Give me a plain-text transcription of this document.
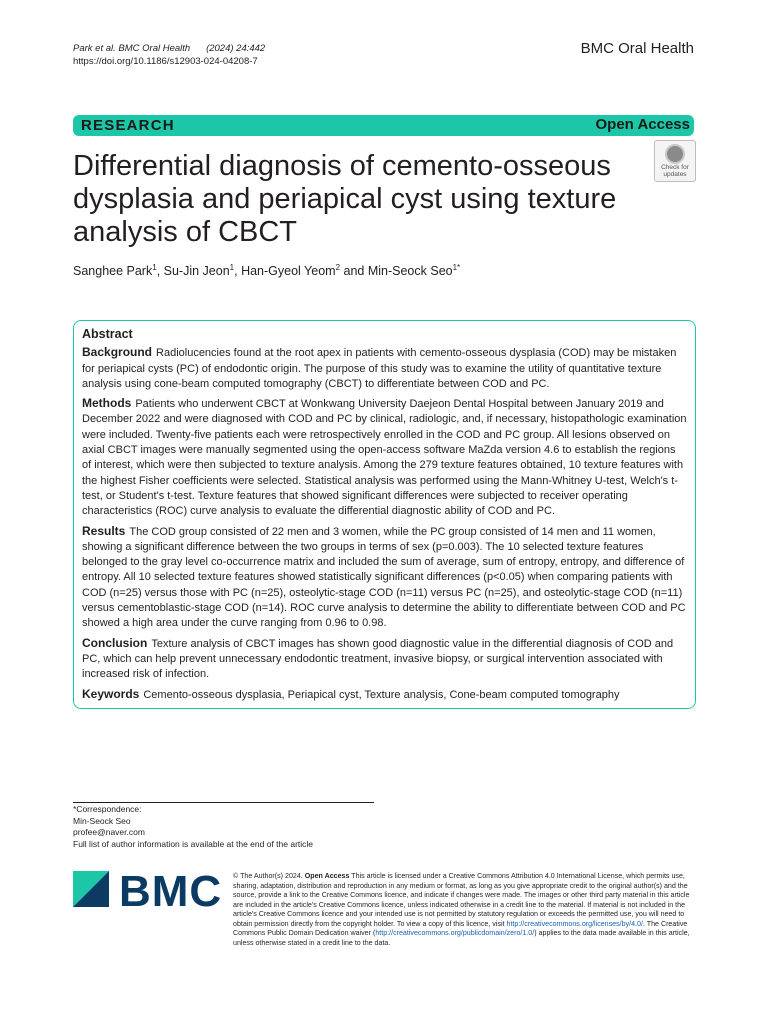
Park et al. BMC Oral Health (2024) 24:442
https://doi.org/10.1186/s12903-024-04208-7
BMC Oral Health
RESEARCH	Open Access
Differential diagnosis of cemento-osseous dysplasia and periapical cyst using texture analysis of CBCT
Check for
updates
Sanghee Park$^1$, Su-Jin Jeon$^1$, Han-Gyeol Yeom$^2$ and Min-Seock Seo$^{1*}$
Abstract

Background Radiolucencies found at the root apex in patients with cemento-osseous dysplasia (COD) may be mistaken for periapical cysts (PC) of endodontic origin. The purpose of this study was to examine the utility of quantitative texture analysis using cone-beam computed tomography (CBCT) to differentiate between COD and PC.

Methods Patients who underwent CBCT at Wonkwang University Daejeon Dental Hospital between January 2019 and December 2022 and were diagnosed with COD and PC by clinical, radiologic, and, if necessary, histopathologic examination were included. Twenty-five patients each were retrospectively enrolled in the COD and PC group. All lesions observed on axial CBCT images were manually segmented using the open-access software MaZda version 4.6 to establish the regions of interest, which were then subjected to texture analysis. Among the 279 texture features obtained, 10 texture features with the highest Fisher coefficients were selected. Statistical analysis was performed using the Mann-Whitney U-test, Welch's t-test, or Student's t-test. Texture features that showed significant differences were subjected to receiver operating characteristics (ROC) curve analysis to evaluate the differential diagnostic ability of COD and PC.

Results The COD group consisted of 22 men and 3 women, while the PC group consisted of 14 men and 11 women, showing a significant difference between the two groups in terms of sex (p=0.003). The 10 selected texture features belonged to the gray level co-occurrence matrix and included the sum of average, sum of entropy, entropy, and difference of entropy. All 10 selected texture features showed statistically significant differences (p<0.05) when comparing patients with COD (n=25) versus those with PC (n=25), osteolytic-stage COD (n=11) versus PC (n=25), and osteolytic-stage COD (n=11) versus cementoblastic-stage COD (n=14). ROC curve analysis to determine the ability to differentiate between COD and PC showed a high area under the curve ranging from 0.96 to 0.98.

Conclusion Texture analysis of CBCT images has shown good diagnostic value in the differential diagnosis of COD and PC, which can help prevent unnecessary endodontic treatment, invasive biopsy, or surgical intervention associated with increased risk of infection.

Keywords Cemento-osseous dysplasia, Periapical cyst, Texture analysis, Cone-beam computed tomography

*Correspondence:
Min-Seock Seo
profee@naver.com
Full list of author information is available at the end of the article
BMC © The Author(s) 2024. Open Access This article is licensed under a Creative Commons Attribution 4.0 International License, which permits use, sharing, adaptation, distribution and reproduction in any medium or format, as long as you give appropriate credit to the original author(s) and the source, provide a link to the Creative Commons licence, and indicate if changes were made. The images or other third party material in this article are included in the article's Creative Commons licence, unless indicated otherwise in a credit line to the material. If material is not included in the article's Creative Commons licence and your intended use is not permitted by statutory regulation or exceeds the permitted use, you will need to obtain permission directly from the copyright holder. To view a copy of this licence, visit http://creativecommons.org/licenses/by/4.0/. The Creative Commons Public Domain Dedication waiver (http://creativecommons.org/publicdomain/zero/1.0/) applies to the data made available in this article, unless otherwise stated in a credit line to the data.
